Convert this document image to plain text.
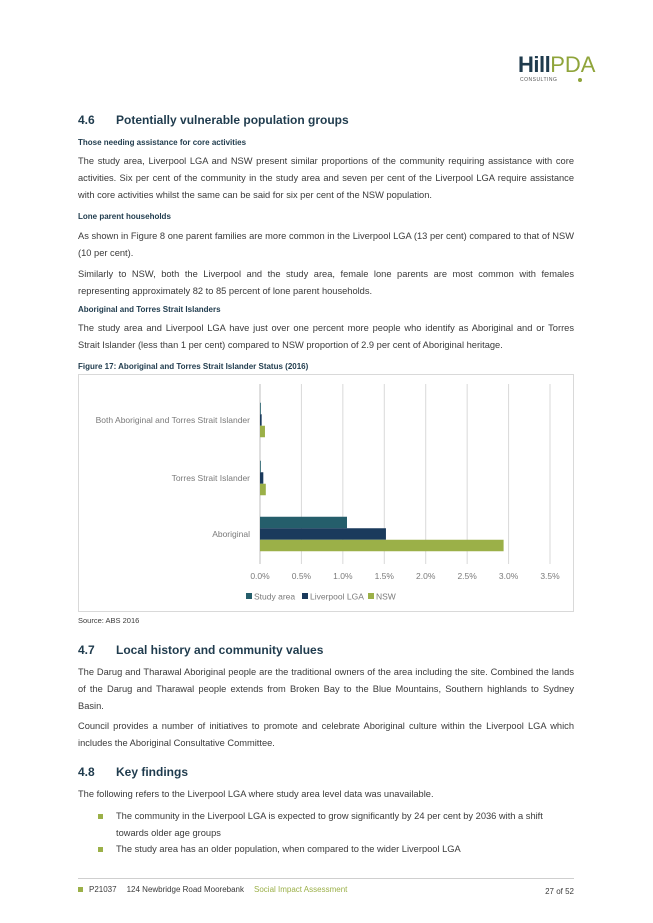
HillPDA
CONSULTING
4.6 Potentially vulnerable population groups
Those needing assistance for core activities

The study area, Liverpool LGA and NSW present similar proportions of the community requiring assistance with core activities. Six per cent of the community in the study area and seven per cent of the Liverpool LGA require assistance with core activities whilst the same can be said for six per cent of the NSW population.

Lone parent households

As shown in Figure 8 one parent families are more common in the Liverpool LGA (13 per cent) compared to that of NSW (10 per cent).

Similarly to NSW, both the Liverpool and the study area, female lone parents are most common with females representing approximately 82 to 85 percent of lone parent households.

Aboriginal and Torres Strait Islanders

The study area and Liverpool LGA have just over one percent more people who identify as Aboriginal and or Torres Strait Islander (less than 1 per cent) compared to NSW proportion of 2.9 per cent of Aboriginal heritage.

Figure 17: Aboriginal and Torres Strait Islander Status (2016)
Both Aboriginal and Torres Strait Islander
Torres Strait Islander
Aboriginal
0.0%	0.5%	1.0%	1.5%	2.0%	2.5%	3.0%	3.5%
Study area Liverpool LGA NSW
Source: ABS 2016
4.7 Local history and community values

The Darug and Tharawal Aboriginal people are the traditional owners of the area including the site. Combined the lands of the Darug and Tharawal people extends from Broken Bay to the Blue Mountains, Southern highlands to Sydney Basin.

Council provides a number of initiatives to promote and celebrate Aboriginal culture within the Liverpool LGA which includes the Aboriginal Consultative Committee.

4.8 Key findings

The following refers to the Liverpool LGA where study area level data was unavailable.

The community in the Liverpool LGA is expected to grow significantly by 24 per cent by 2036 with a shift towards older age groups
The study area has an older population, when compared to the wider Liverpool LGA
P21037 124 Newbridge Road Moorebank Social Impact Assessment	27 of 52
